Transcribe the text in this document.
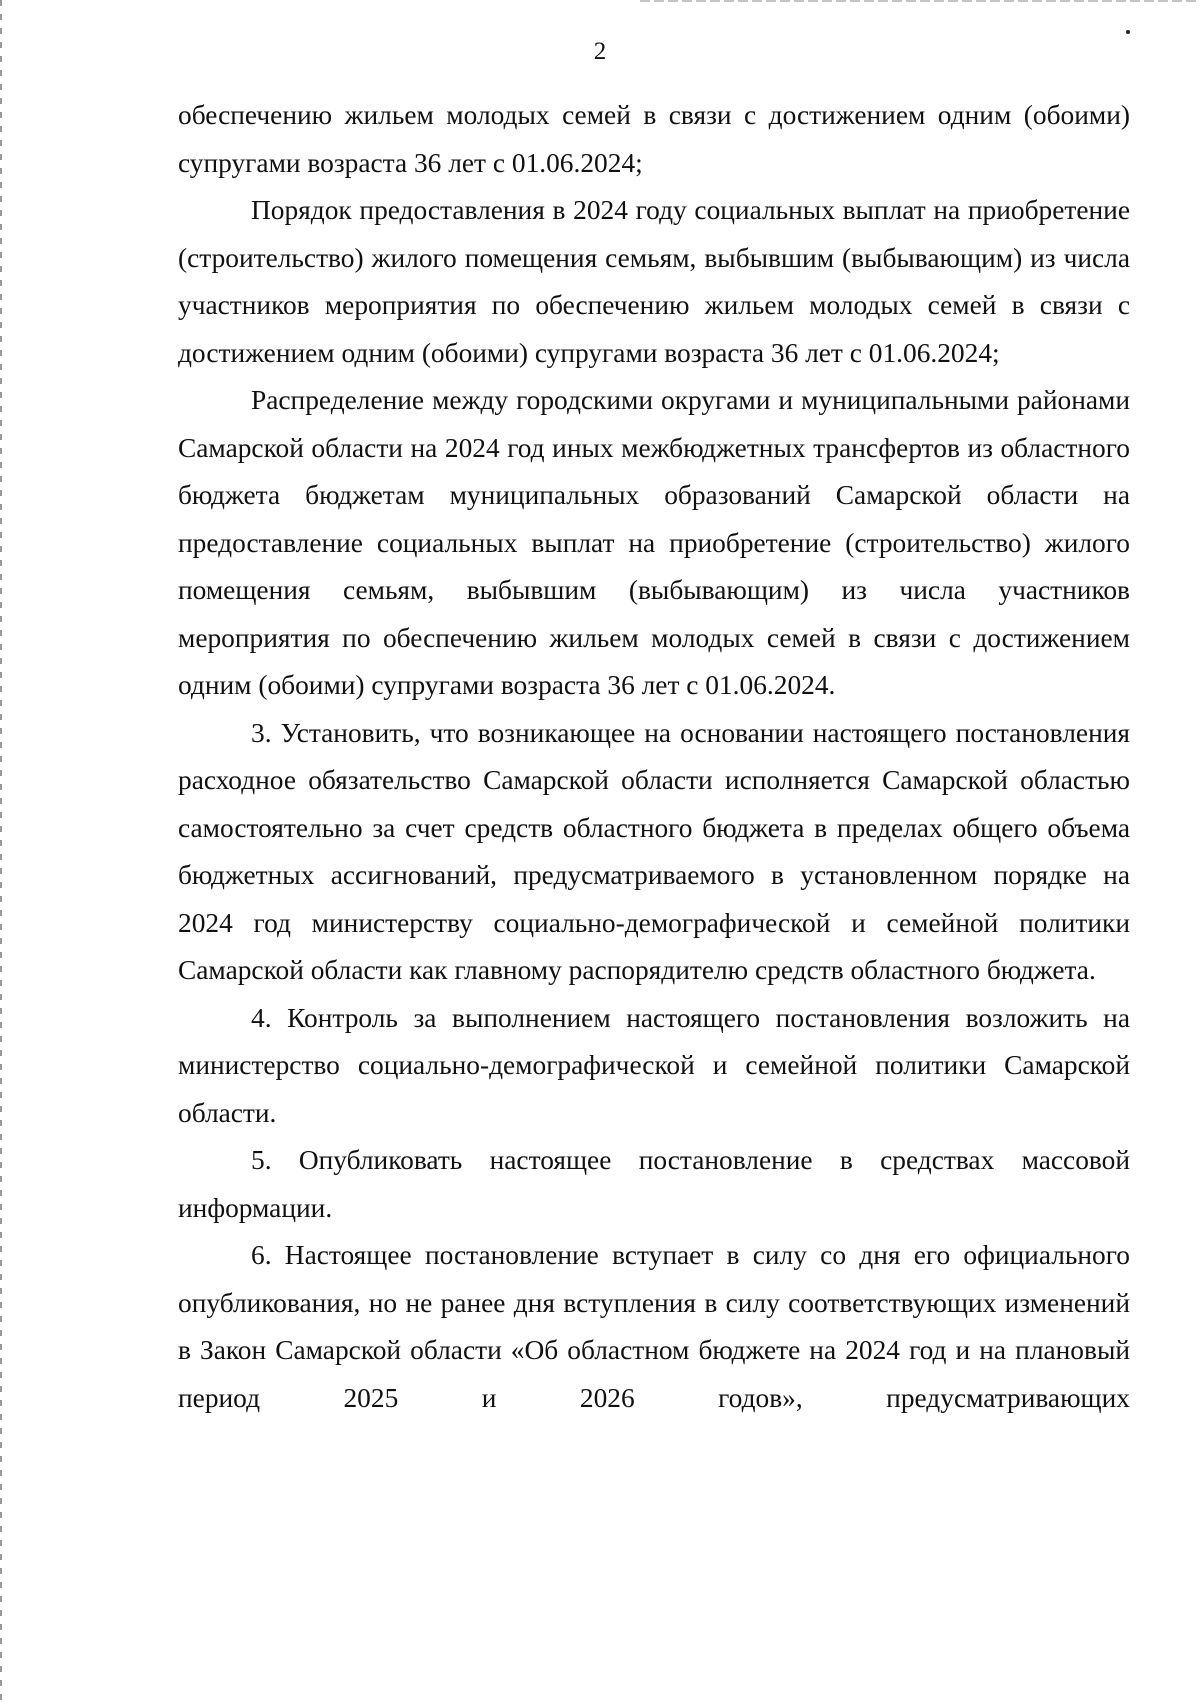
2

обеспечению жильем молодых семей в связи с достижением одним (обоими) супругами возраста 36 лет с 01.06.2024;

Порядок предоставления в 2024 году социальных выплат на приобретение (строительство) жилого помещения семьям, выбывшим (выбывающим) из числа участников мероприятия по обеспечению жильем молодых семей в связи с достижением одним (обоими) супругами возраста 36 лет с 01.06.2024;

Распределение между городскими округами и муниципальными районами Самарской области на 2024 год иных межбюджетных трансфертов из областного бюджета бюджетам муниципальных образований Самарской области на предоставление социальных выплат на приобретение (строительство) жилого помещения семьям, выбывшим (выбывающим) из числа участников мероприятия по обеспечению жильем молодых семей в связи с достижением одним (обоими) супругами возраста 36 лет с 01.06.2024.

3. Установить, что возникающее на основании настоящего постановления расходное обязательство Самарской области исполняется Самарской областью самостоятельно за счет средств областного бюджета в пределах общего объема бюджетных ассигнований, предусматриваемого в установленном порядке на 2024 год министерству социально-демографической и семейной политики Самарской области как главному распорядителю средств областного бюджета.

4. Контроль за выполнением настоящего постановления возложить на министерство социально-демографической и семейной политики Самарской области.

5. Опубликовать настоящее постановление в средствах массовой информации.

6. Настоящее постановление вступает в силу со дня его официального опубликования, но не ранее дня вступления в силу соответствующих изменений в Закон Самарской области «Об областном бюджете на 2024 год и на плановый период 2025 и 2026 годов», предусматривающих
